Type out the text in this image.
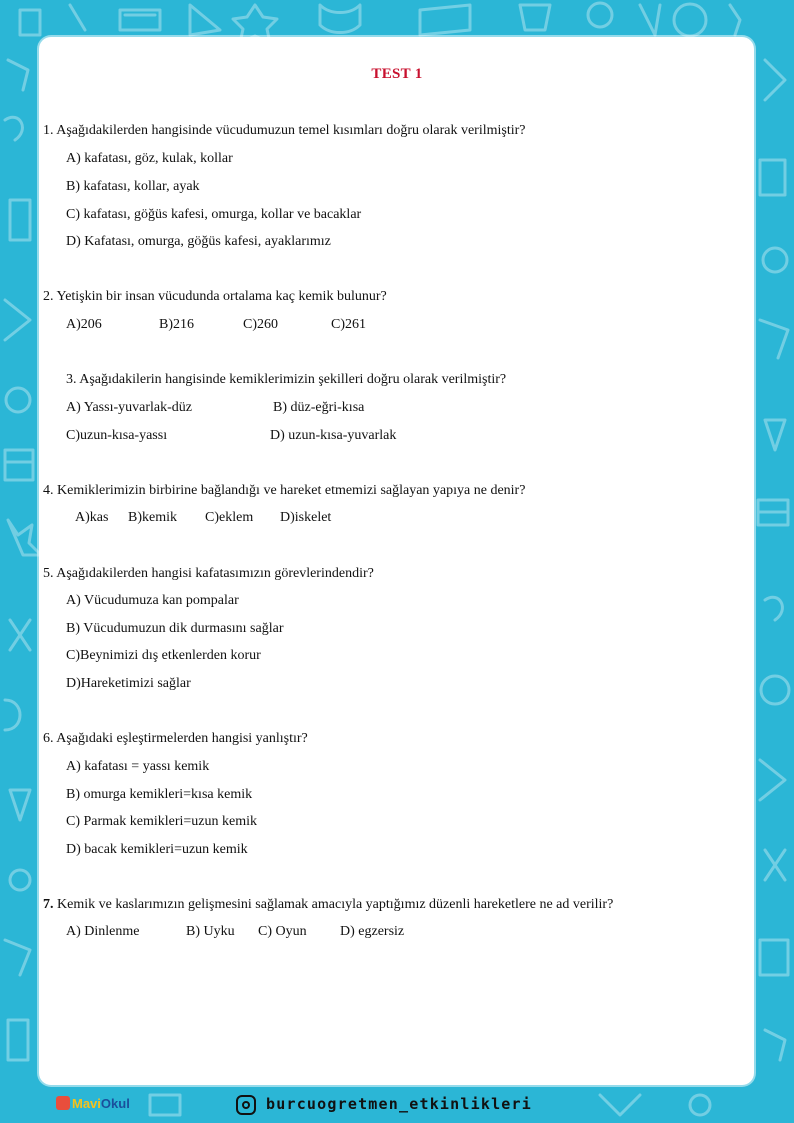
TEST 1
1. Aşağıdakilerden hangisinde vücudumuzun temel kısımları doğru olarak verilmiştir?
A) kafatası, göz, kulak, kollar
B) kafatası, kollar, ayak
C) kafatası, göğüs kafesi, omurga, kollar ve bacaklar
D) Kafatası, omurga, göğüs kafesi, ayaklarımız
2. Yetişkin bir insan vücudunda ortalama kaç kemik bulunur?
A)206	B)216	C)260	C)261
3. Aşağıdakilerin hangisinde kemiklerimizin şekilleri doğru olarak verilmiştir?
A) Yassı-yuvarlak-düz	B) düz-eğri-kısa
C)uzun-kısa-yassı	D) uzun-kısa-yuvarlak
4. Kemiklerimizin birbirine bağlandığı ve hareket etmemizi sağlayan yapıya ne denir?
A)kas B)kemik C)eklem D)iskelet
5. Aşağıdakilerden hangisi kafatasımızın görevlerindendir?
A) Vücudumuza kan pompalar
B) Vücudumuzun dik durmasını sağlar
C)Beynimizi dış etkenlerden korur
D)Hareketimizi sağlar
6. Aşağıdaki eşleştirmelerden hangisi yanlıştır?
A) kafatası = yassı kemik
B) omurga kemikleri=kısa kemik
C) Parmak kemikleri=uzun kemik
D) bacak kemikleri=uzun kemik
7. Kemik ve kaslarımızın gelişmesini sağlamak amacıyla yaptığımız düzenli hareketlere ne ad verilir?
A) Dinlenme	B) Uyku C) Oyun D) egzersiz
MaviOkul	burcuogretmen_etkinlikleri
